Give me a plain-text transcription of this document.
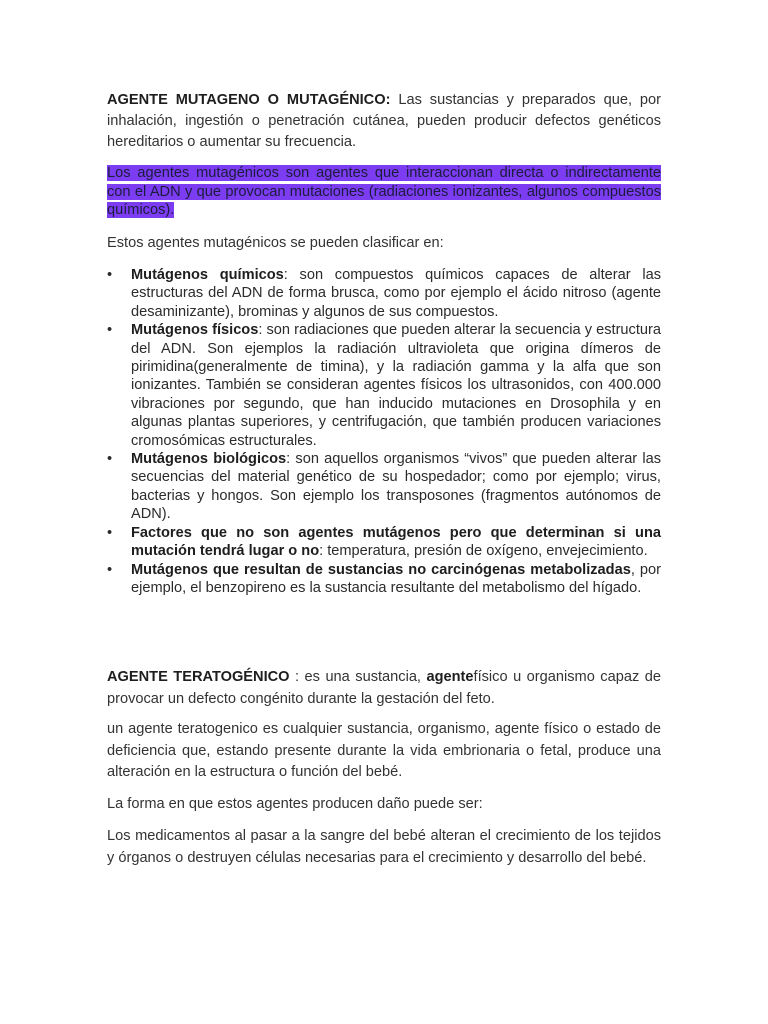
AGENTE MUTAGENO O MUTAGÉNICO: Las sustancias y preparados que, por inhalación, ingestión o penetración cutánea, pueden producir defectos genéticos hereditarios o aumentar su frecuencia.

Los agentes mutagénicos son agentes que interaccionan directa o indirectamente con el ADN y que provocan mutaciones (radiaciones ionizantes, algunos compuestos químicos).

Estos agentes mutagénicos se pueden clasificar en:

• Mutágenos químicos: son compuestos químicos capaces de alterar las estructuras del ADN de forma brusca, como por ejemplo el ácido nitroso (agente desaminizante), brominas y algunos de sus compuestos.
• Mutágenos físicos: son radiaciones que pueden alterar la secuencia y estructura del ADN. Son ejemplos la radiación ultravioleta que origina dímeros de pirimidina(generalmente de timina), y la radiación gamma y la alfa que son ionizantes. También se consideran agentes físicos los ultrasonidos, con 400.000 vibraciones por segundo, que han inducido mutaciones en Drosophila y en algunas plantas superiores, y centrifugación, que también producen variaciones cromosómicas estructurales.
• Mutágenos biológicos: son aquellos organismos “vivos” que pueden alterar las secuencias del material genético de su hospedador; como por ejemplo; virus, bacterias y hongos. Son ejemplo los transposones (fragmentos autónomos de ADN).
• Factores que no son agentes mutágenos pero que determinan si una mutación tendrá lugar o no: temperatura, presión de oxígeno, envejecimiento.
• Mutágenos que resultan de sustancias no carcinógenas metabolizadas, por ejemplo, el benzopireno es la sustancia resultante del metabolismo del hígado.

AGENTE TERATOGÉNICO : es una sustancia, agentefísico u organismo capaz de provocar un defecto congénito durante la gestación del feto.

un agente teratogenico es cualquier sustancia, organismo, agente físico o estado de deficiencia que, estando presente durante la vida embrionaria o fetal, produce una alteración en la estructura o función del bebé.

La forma en que estos agentes producen daño puede ser:

Los medicamentos al pasar a la sangre del bebé alteran el crecimiento de los tejidos y órganos o destruyen células necesarias para el crecimiento y desarrollo del bebé.
